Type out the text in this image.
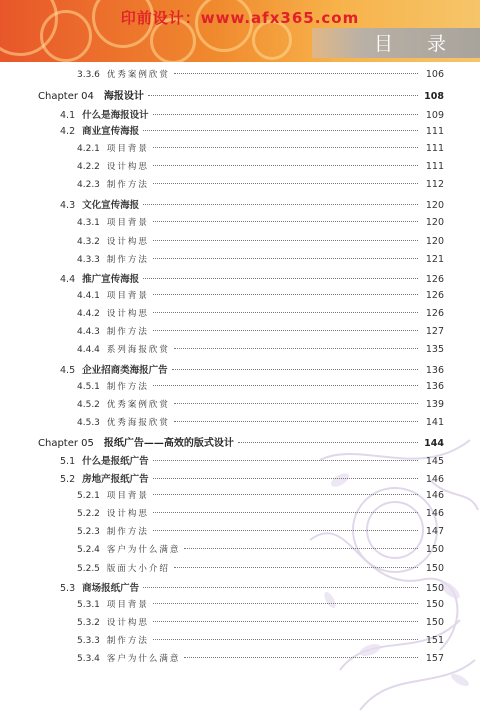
印前设计：www.afx365.com
目 录
3.3.6 优秀案例欣赏	106
Chapter 04 海报设计	108
4.1 什么是海报设计	109
4.2 商业宣传海报	111
4.2.1 项目背景	111
4.2.2 设计构思	111
4.2.3 制作方法	112
4.3 文化宣传海报	120
4.3.1 项目背景	120
4.3.2 设计构思	120
4.3.3 制作方法	121
4.4 推广宣传海报	126
4.4.1 项目背景	126
4.4.2 设计构思	126
4.4.3 制作方法	127
4.4.4 系列海报欣赏	135
4.5 企业招商类海报广告	136
4.5.1 制作方法	136
4.5.2 优秀案例欣赏	139
4.5.3 优秀海报欣赏	141
Chapter 05 报纸广告——高效的版式设计	144
5.1 什么是报纸广告	145
5.2 房地产报纸广告	146
5.2.1 项目背景	146
5.2.2 设计构思	146
5.2.3 制作方法	147
5.2.4 客户为什么满意	150
5.2.5 版面大小介绍	150
5.3 商场报纸广告	150
5.3.1 项目背景	150
5.3.2 设计构思	150
5.3.3 制作方法	151
5.3.4 客户为什么满意	157
